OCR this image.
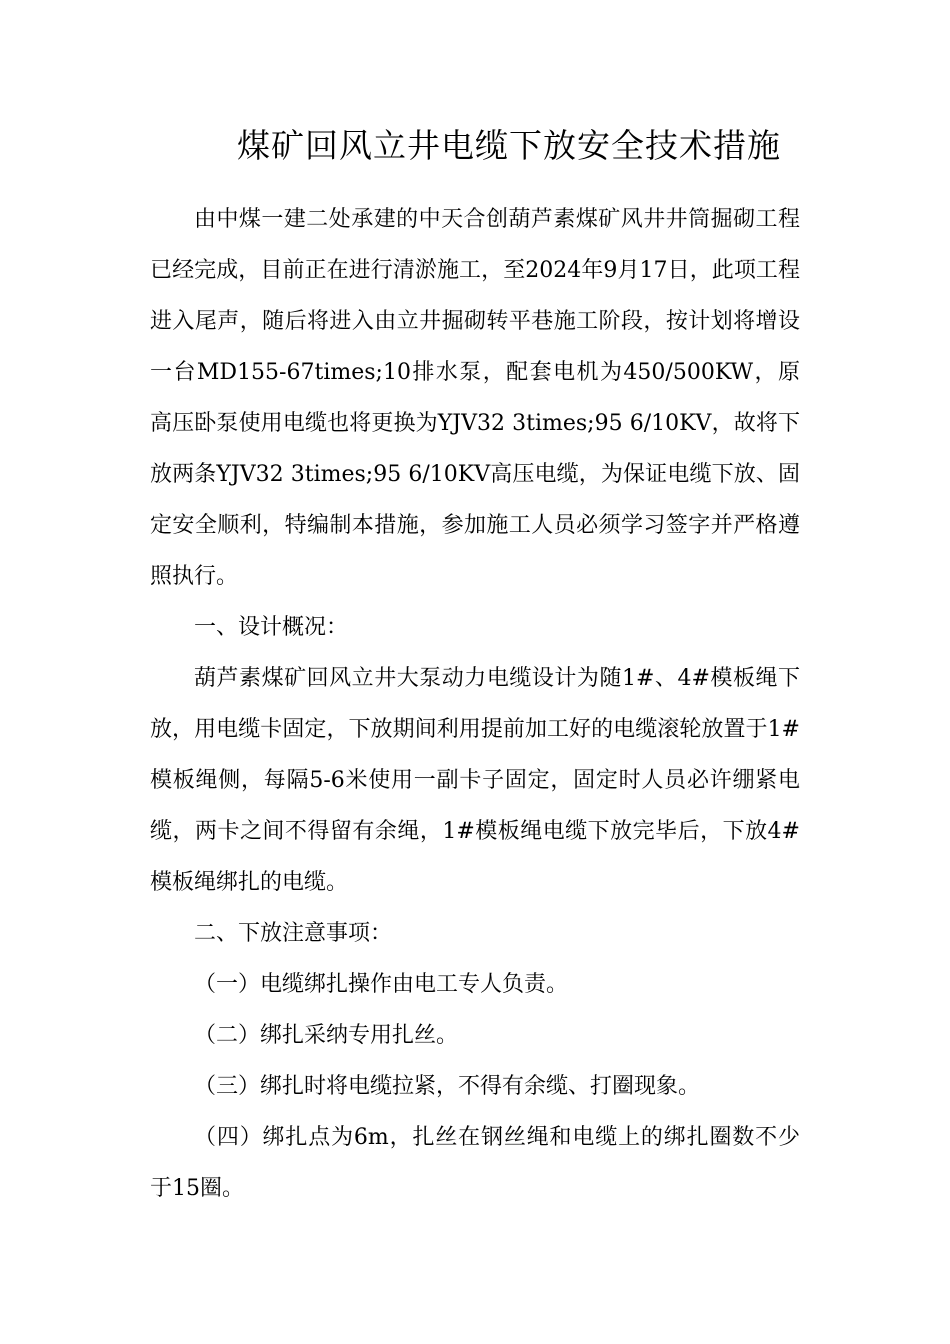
煤矿回风立井电缆下放安全技术措施

由中煤一建二处承建的中天合创葫芦素煤矿风井井筒掘砌工程已经完成，目前正在进行清淤施工，至2024年9月17日，此项工程进入尾声，随后将进入由立井掘砌转平巷施工阶段，按计划将增设一台MD155-67times;10排水泵，配套电机为450/500KW，原高压卧泵使用电缆也将更换为YJV32 3times;95 6/10KV，故将下放两条YJV32 3times;95 6/10KV高压电缆，为保证电缆下放、固定安全顺利，特编制本措施，参加施工人员必须学习签字并严格遵照执行。

一、设计概况：

葫芦素煤矿回风立井大泵动力电缆设计为随1#、4#模板绳下放，用电缆卡固定，下放期间利用提前加工好的电缆滚轮放置于1#模板绳侧，每隔5-6米使用一副卡子固定，固定时人员必许绷紧电缆，两卡之间不得留有余绳，1#模板绳电缆下放完毕后，下放4#模板绳绑扎的电缆。

二、下放注意事项：

（一）电缆绑扎操作由电工专人负责。

（二）绑扎采纳专用扎丝。

（三）绑扎时将电缆拉紧，不得有余缆、打圈现象。

（四）绑扎点为6m，扎丝在钢丝绳和电缆上的绑扎圈数不少于15圈。
